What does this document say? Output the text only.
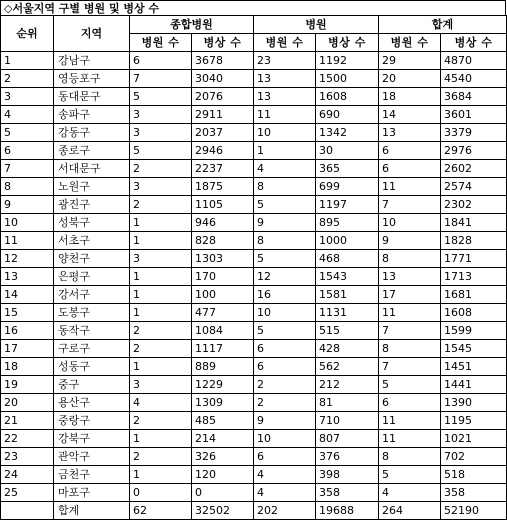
◇서울지역 구별 병원 및 병상 수
순위	지역	종합병원		병원		합계	
		병원 수	병상 수	병원 수	병상 수	병원 수	병상 수
1	강남구	6	3678	23	1192	29	4870
2	영등포구	7	3040	13	1500	20	4540
3	동대문구	5	2076	13	1608	18	3684
4	송파구	3	2911	11	690	14	3601
5	강동구	3	2037	10	1342	13	3379
6	종로구	5	2946	1	30	6	2976
7	서대문구	2	2237	4	365	6	2602
8	노원구	3	1875	8	699	11	2574
9	광진구	2	1105	5	1197	7	2302
10	성북구	1	946	9	895	10	1841
11	서초구	1	828	8	1000	9	1828
12	양천구	3	1303	5	468	8	1771
13	은평구	1	170	12	1543	13	1713
14	강서구	1	100	16	1581	17	1681
15	도봉구	1	477	10	1131	11	1608
16	동작구	2	1084	5	515	7	1599
17	구로구	2	1117	6	428	8	1545
18	성동구	1	889	6	562	7	1451
19	중구	3	1229	2	212	5	1441
20	용산구	4	1309	2	81	6	1390
21	중랑구	2	485	9	710	11	1195
22	강북구	1	214	10	807	11	1021
23	관악구	2	326	6	376	8	702
24	금천구	1	120	4	398	5	518
25	마포구	0	0	4	358	4	358
	합계	62	32502	202	19688	264	52190
